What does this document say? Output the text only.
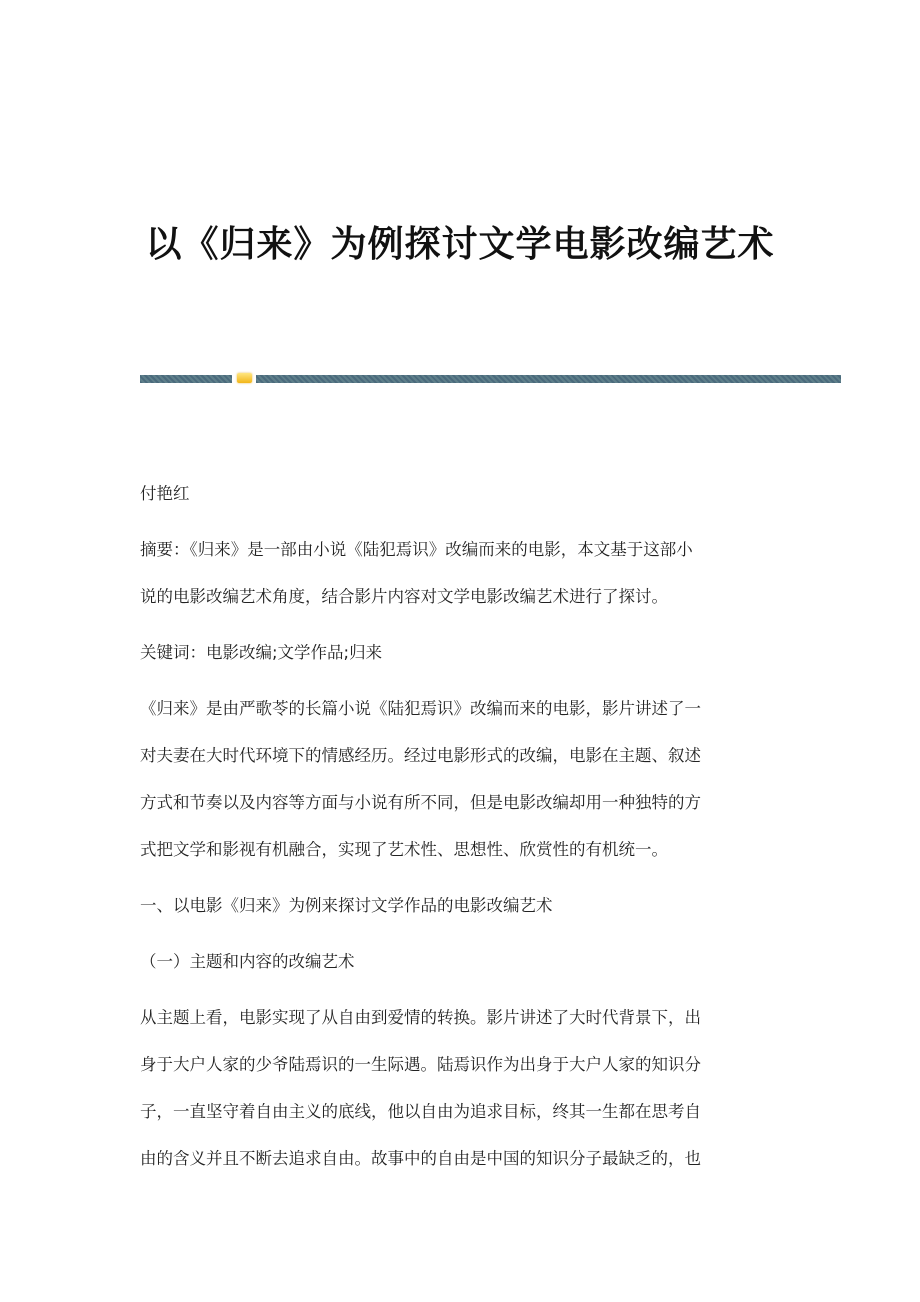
以《归来》为例探讨文学电影改编艺术

付艳红

摘要：《归来》是一部由小说《陆犯焉识》改编而来的电影，本文基于这部小
说的电影改编艺术角度，结合影片内容对文学电影改编艺术进行了探讨。

关键词：电影改编;文学作品;归来

《归来》是由严歌苓的长篇小说《陆犯焉识》改编而来的电影，影片讲述了一
对夫妻在大时代环境下的情感经历。经过电影形式的改编，电影在主题、叙述
方式和节奏以及内容等方面与小说有所不同，但是电影改编却用一种独特的方
式把文学和影视有机融合，实现了艺术性、思想性、欣赏性的有机统一。

一、以电影《归来》为例来探讨文学作品的电影改编艺术

（一）主题和内容的改编艺术

从主题上看，电影实现了从自由到爱情的转换。影片讲述了大时代背景下，出
身于大户人家的少爷陆焉识的一生际遇。陆焉识作为出身于大户人家的知识分
子，一直坚守着自由主义的底线，他以自由为追求目标，终其一生都在思考自
由的含义并且不断去追求自由。故事中的自由是中国的知识分子最缺乏的，也
